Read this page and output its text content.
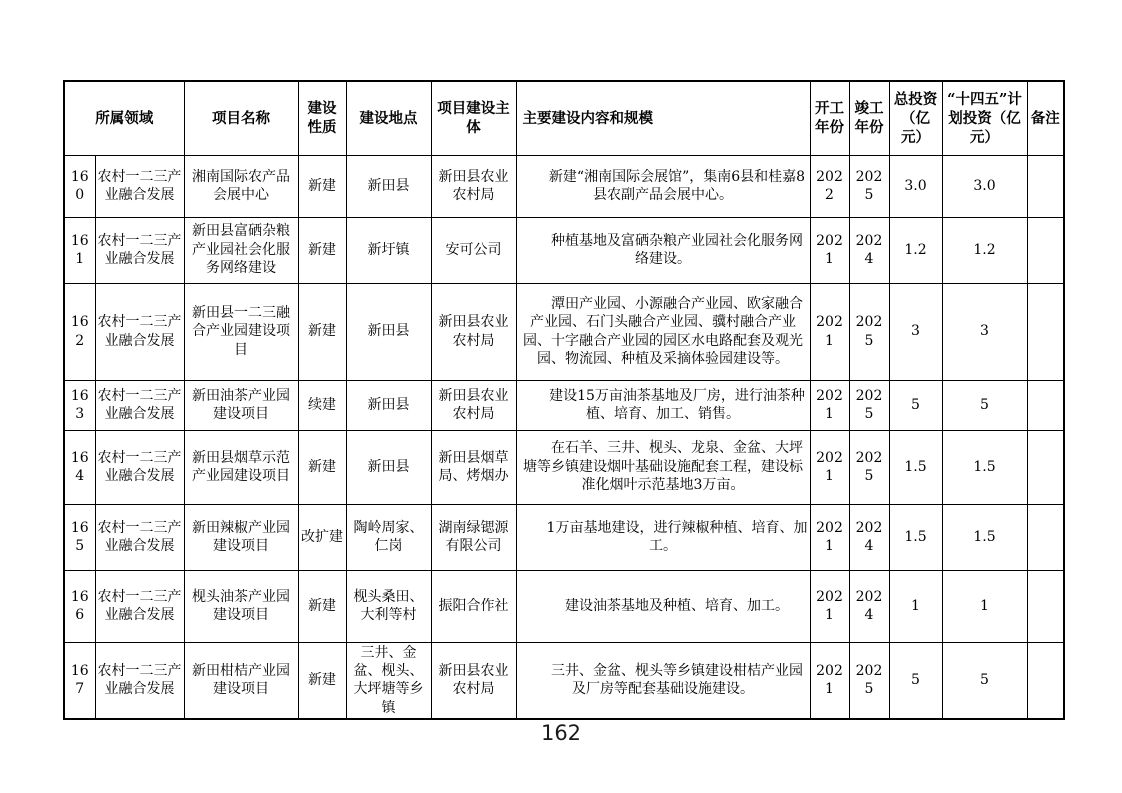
所属领域		项目名称	建设性质	建设地点	项目建设主体	主要建设内容和规模	开工年份	竣工年份	总投资（亿元）	“十四五”计划投资（亿元）	备注
160	农村一二三产业融合发展	湘南国际农产品会展中心	新建	新田县	新田县农业农村局	新建“湘南国际会展馆”，集南6县和桂嘉8县农副产品会展中心。	2022	2025	3.0	3.0	
161	农村一二三产业融合发展	新田县富硒杂粮产业园社会化服务网络建设	新建	新圩镇	安可公司	种植基地及富硒杂粮产业园社会化服务网络建设。	2021	2024	1.2	1.2	
162	农村一二三产业融合发展	新田县一二三融合产业园建设项目	新建	新田县	新田县农业农村局	潭田产业园、小源融合产业园、欧家融合产业园、石门头融合产业园、骥村融合产业园、十字融合产业园的园区水电路配套及观光园、物流园、种植及采摘体验园建设等。	2021	2025	3	3	
163	农村一二三产业融合发展	新田油茶产业园建设项目	续建	新田县	新田县农业农村局	建设15万亩油茶基地及厂房，进行油茶种植、培育、加工、销售。	2021	2025	5	5	
164	农村一二三产业融合发展	新田县烟草示范产业园建设项目	新建	新田县	新田县烟草局、烤烟办	在石羊、三井、枧头、龙泉、金盆、大坪塘等乡镇建设烟叶基础设施配套工程，建设标准化烟叶示范基地3万亩。	2021	2025	1.5	1.5	
165	农村一二三产业融合发展	新田辣椒产业园建设项目	改扩建	陶岭周家、仁岗	湖南绿锶源有限公司	1万亩基地建设，进行辣椒种植、培育、加工。	2021	2024	1.5	1.5	
166	农村一二三产业融合发展	枧头油茶产业园建设项目	新建	枧头桑田、大利等村	振阳合作社	建设油茶基地及种植、培育、加工。	2021	2024	1	1	
167	农村一二三产业融合发展	新田柑桔产业园建设项目	新建	三井、金盆、枧头、大坪塘等乡镇	新田县农业农村局	三井、金盆、枧头等乡镇建设柑桔产业园及厂房等配套基础设施建设。	2021	2025	5	5	
162
